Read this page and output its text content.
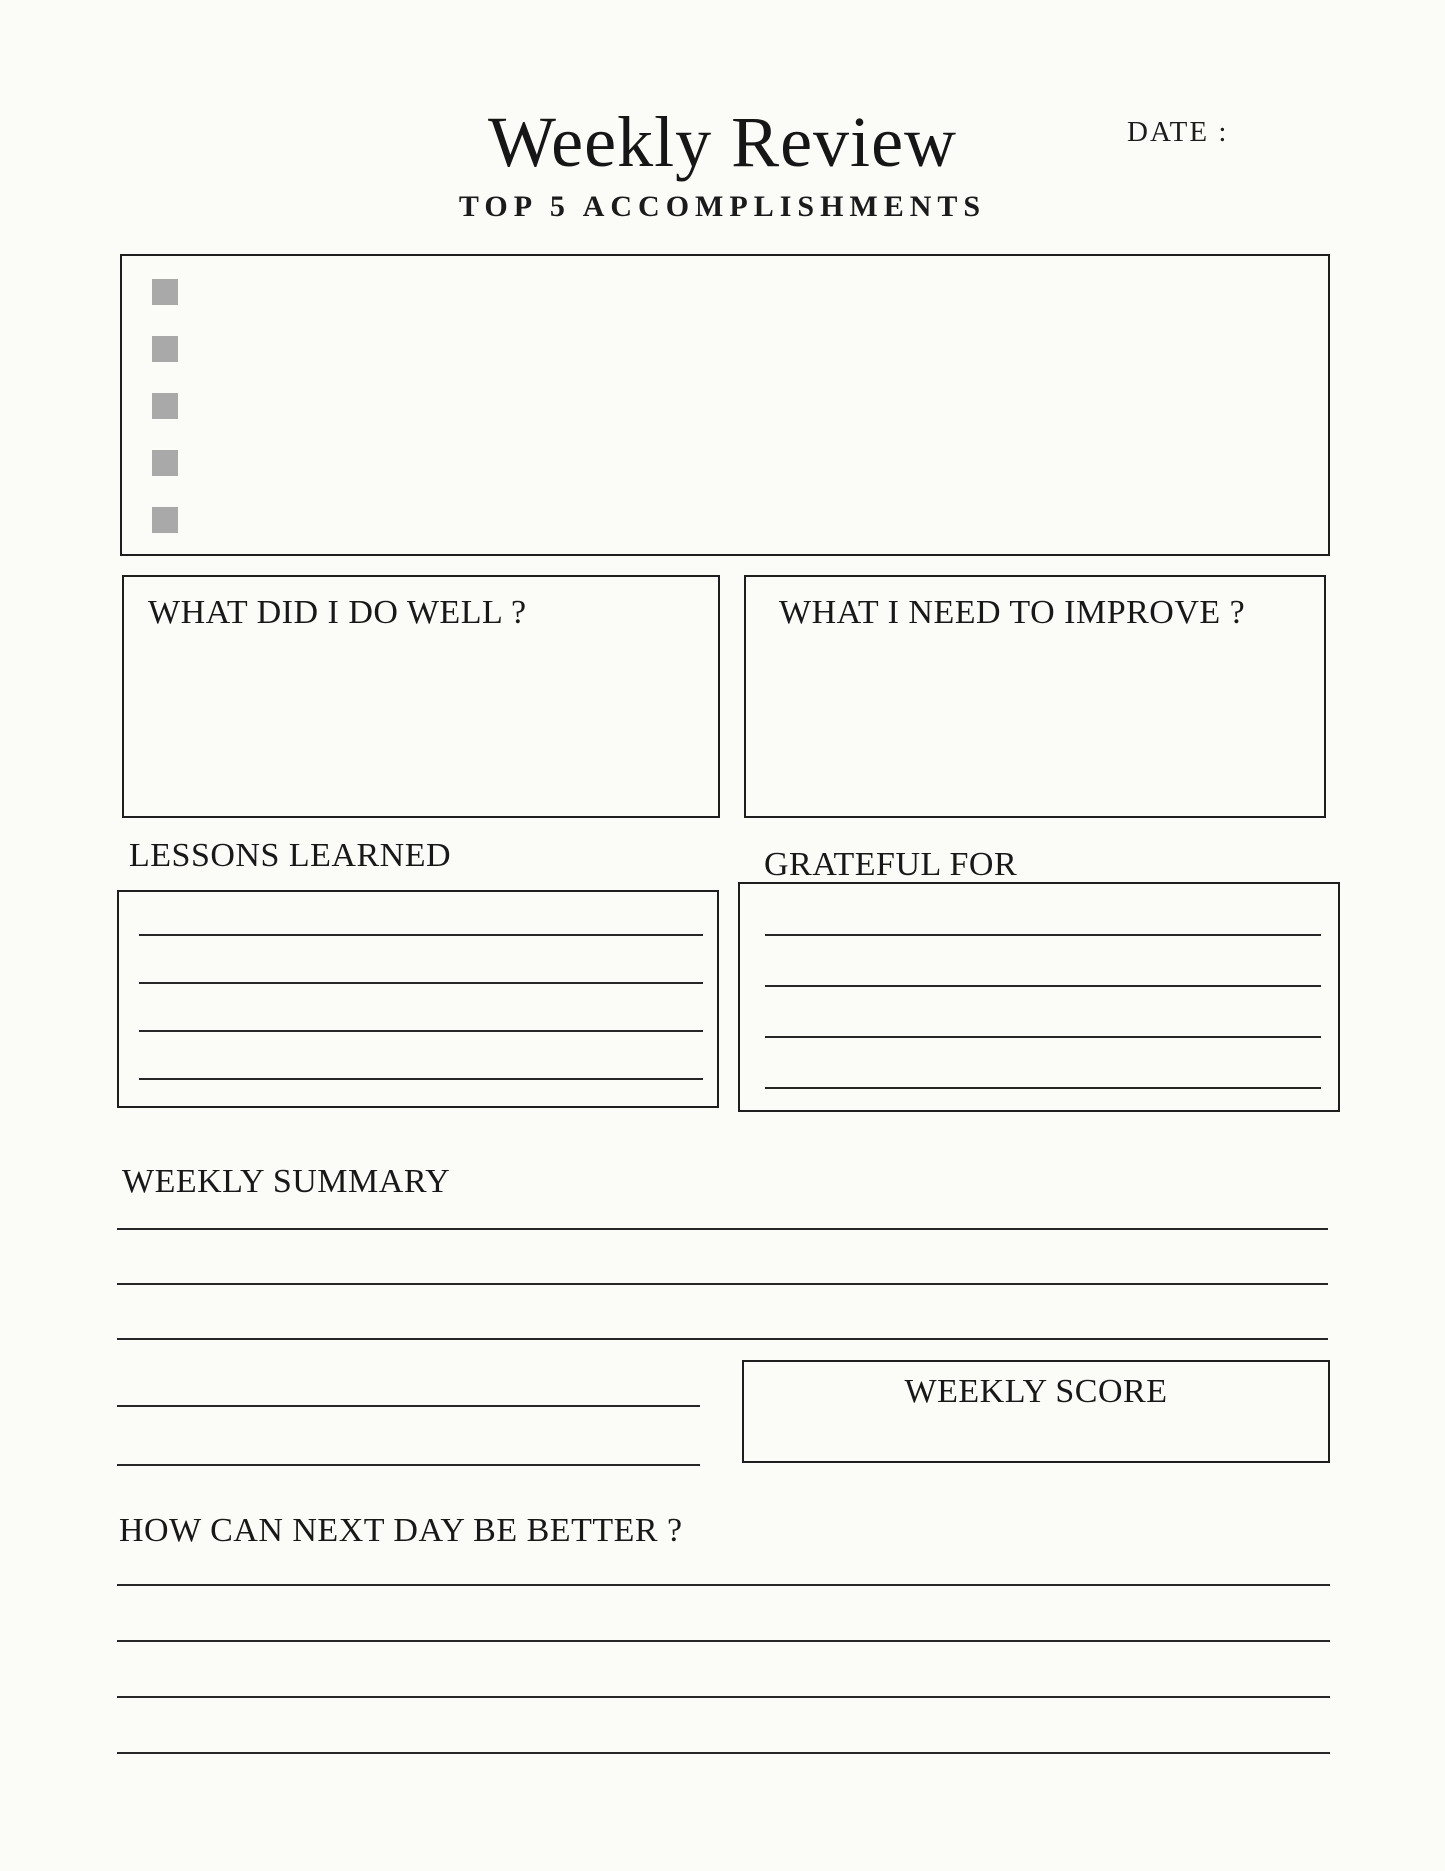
Weekly Review
TOP 5 ACCOMPLISHMENTS
DATE :
WHAT DID I DO WELL ?	WHAT I NEED TO IMPROVE ?
LESSONS LEARNED	GRATEFUL FOR
WEEKLY SUMMARY
WEEKLY SCORE
HOW CAN NEXT DAY BE BETTER ?
